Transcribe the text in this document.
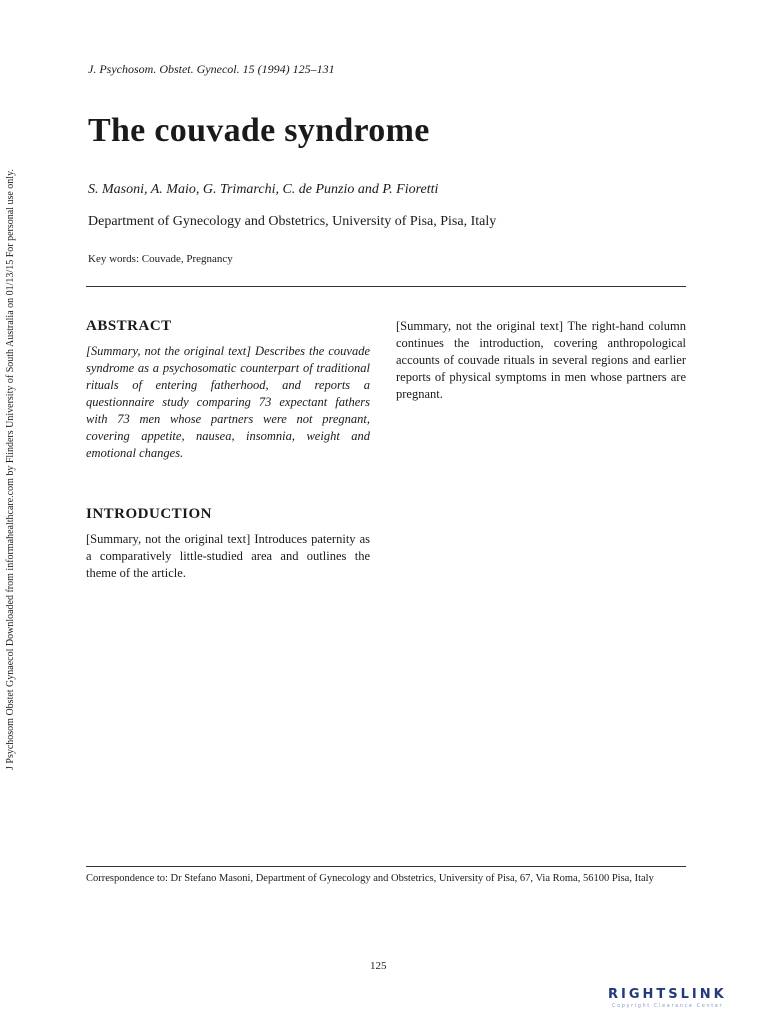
J Psychosom Obstet Gynaecol Downloaded from informahealthcare.com by Flinders University of South Australia on 01/13/15 For personal use only.
J. Psychosom. Obstet. Gynecol. 15 (1994) 125–131
The couvade syndrome
S. Masoni, A. Maio, G. Trimarchi, C. de Punzio and P. Fioretti
Department of Gynecology and Obstetrics, University of Pisa, Pisa, Italy
Key words: Couvade, Pregnancy
ABSTRACT

[Summary, not the original text] Describes the couvade syndrome as a psychosomatic counterpart of traditional rituals of entering fatherhood, and reports a questionnaire study comparing 73 expectant fathers with 73 men whose partners were not pregnant, covering appetite, nausea, insomnia, weight and emotional changes.

INTRODUCTION

[Summary, not the original text] Introduces paternity as a comparatively little-studied area and outlines the theme of the article.

[Summary, not the original text] The right-hand column continues the introduction, covering anthropological accounts of couvade rituals in several regions and earlier reports of physical symptoms in men whose partners are pregnant.

Correspondence to: Dr Stefano Masoni, Department of Gynecology and Obstetrics, University of Pisa, 67, Via Roma, 56100 Pisa, Italy
125
RIGHTSLINK
Copyright Clearance Center
